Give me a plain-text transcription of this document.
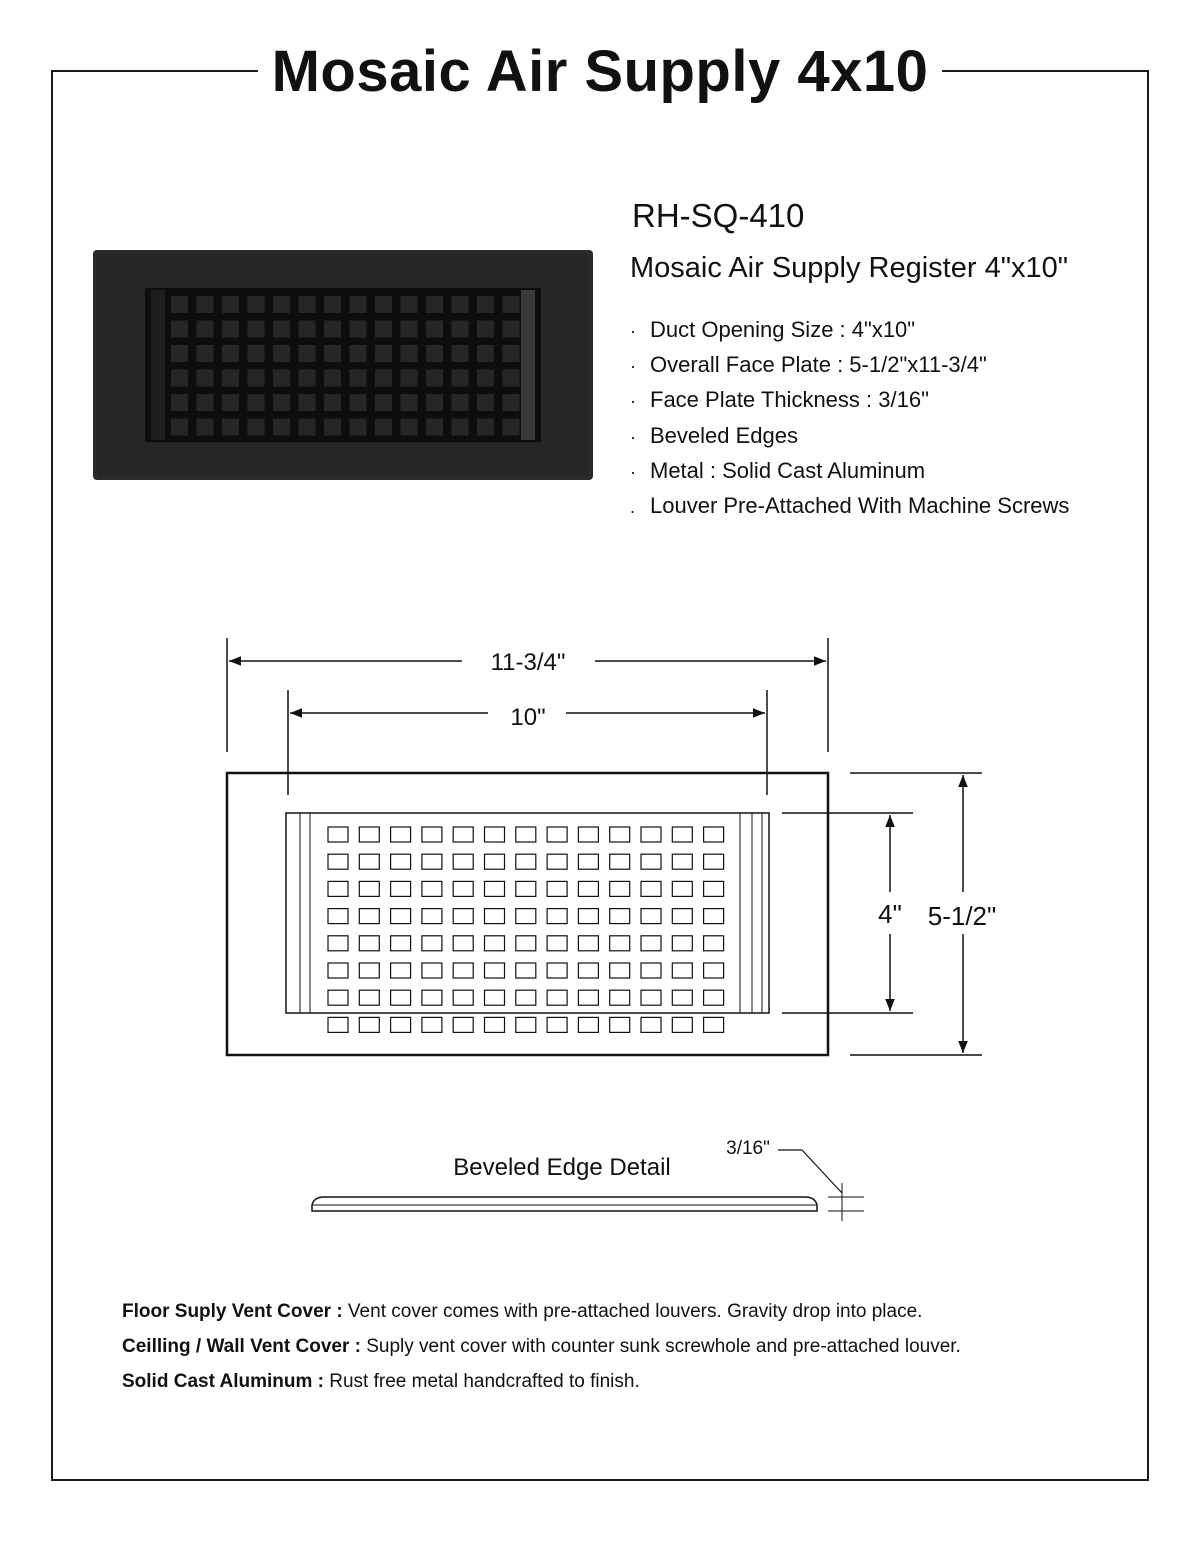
Mosaic Air Supply 4x10
RH-SQ-410
Mosaic Air Supply Register 4"x10"
· Duct Opening Size : 4"x10"
· Overall Face Plate : 5-1/2"x11-3/4"
· Face Plate Thickness : 3/16"
· Beveled Edges
· Metal : Solid Cast Aluminum
. Louver Pre-Attached With Machine Screws
11-3/4"
10"
4" 5-1/2"
Beveled Edge Detail
3/16"

Floor Suply Vent Cover : Vent cover comes with pre-attached louvers. Gravity drop into place.

Ceilling / Wall Vent Cover : Suply vent cover with counter sunk screwhole and pre-attached louver.

Solid Cast Aluminum : Rust free metal handcrafted to finish.
